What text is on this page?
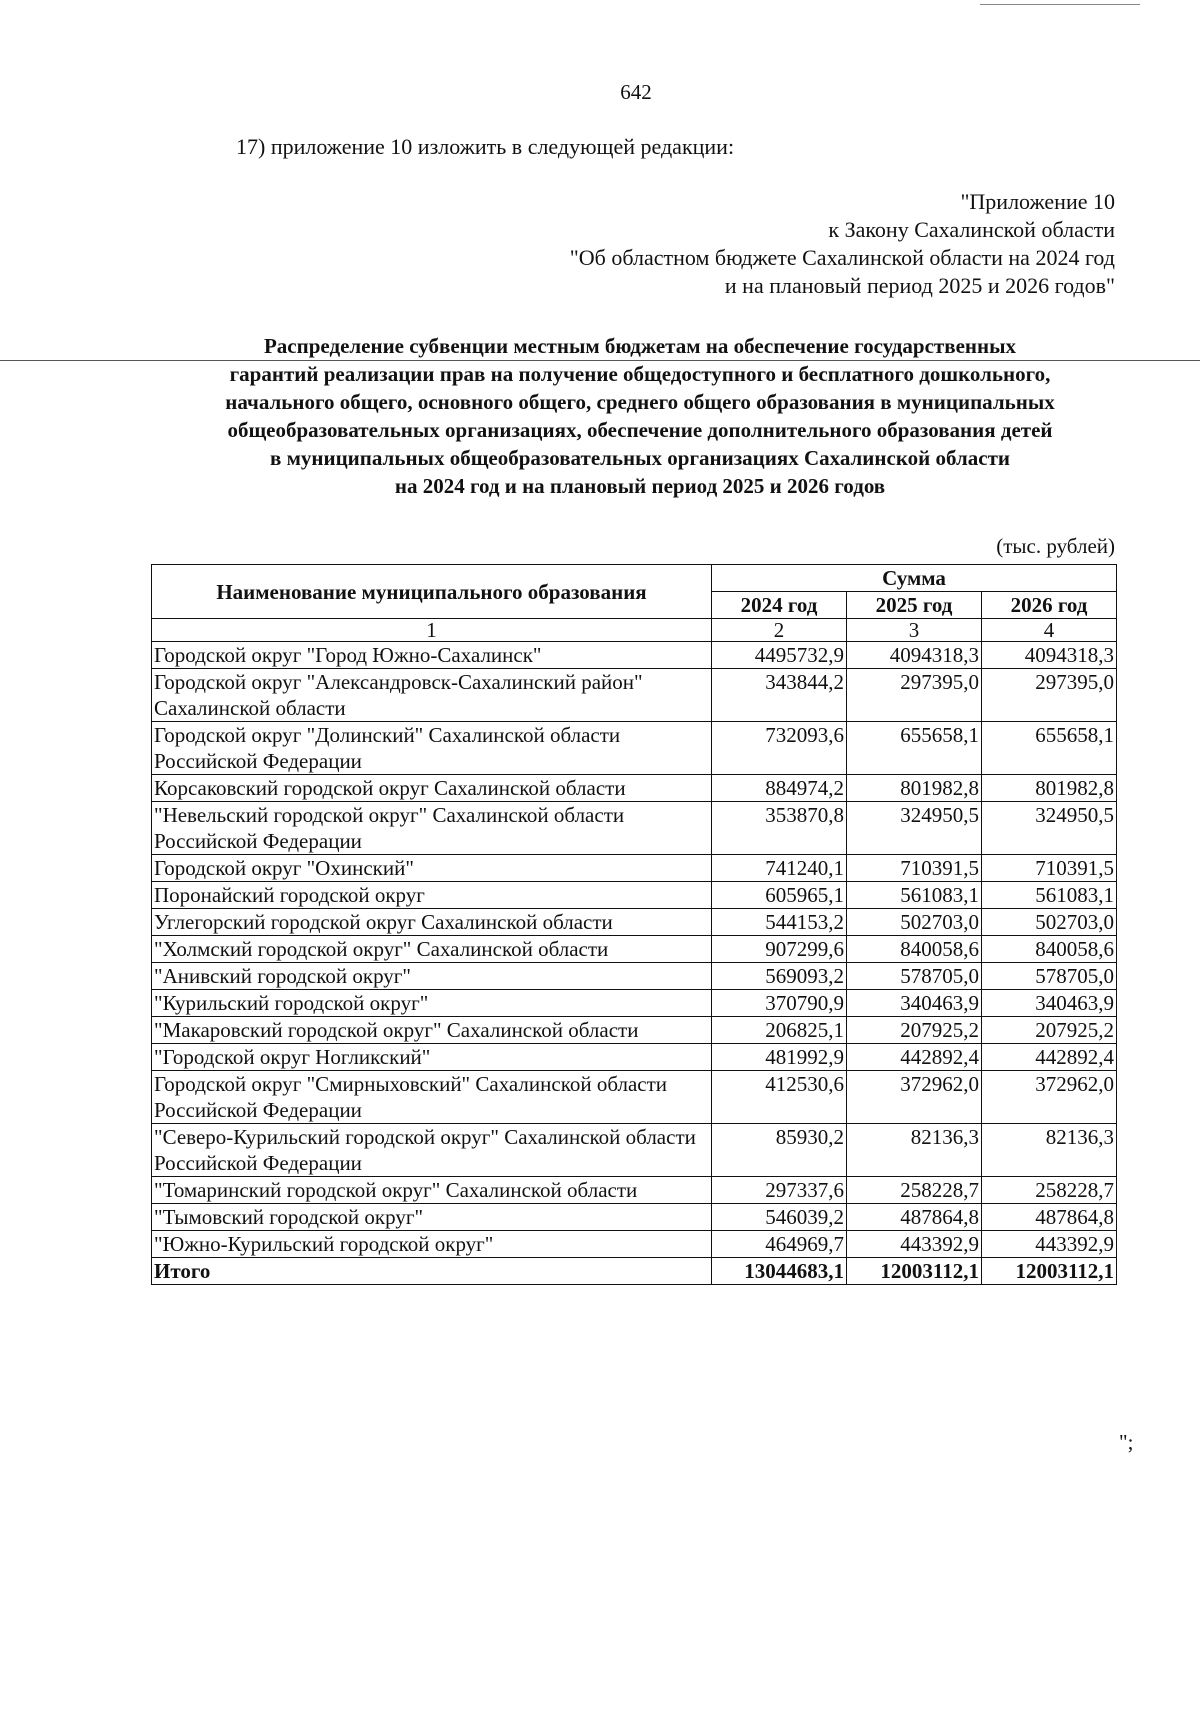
642
17) приложение 10 изложить в следующей редакции:
"Приложение 10
к Закону Сахалинской области
"Об областном бюджете Сахалинской области на 2024 год
и на плановый период 2025 и 2026 годов"
Распределение субвенции местным бюджетам на обеспечение государственных
гарантий реализации прав на получение общедоступного и бесплатного дошкольного,
начального общего, основного общего, среднего общего образования в муниципальных
общеобразовательных организациях, обеспечение дополнительного образования детей
в муниципальных общеобразовательных организациях Сахалинской области
на 2024 год и на плановый период 2025 и 2026 годов
(тыс. рублей)
Наименование муниципального образования	Сумма		
	2024 год	2025 год	2026 год
1	2	3	4
Городской округ "Город Южно-Сахалинск"	4495732,9	4094318,3	4094318,3
Городской округ "Александровск-Сахалинский район" Сахалинской области	343844,2	297395,0	297395,0
Городской округ "Долинский" Сахалинской области Российской Федерации	732093,6	655658,1	655658,1
Корсаковский городской округ Сахалинской области	884974,2	801982,8	801982,8
"Невельский городской округ" Сахалинской области Российской Федерации	353870,8	324950,5	324950,5
Городской округ "Охинский"	741240,1	710391,5	710391,5
Поронайский городской округ	605965,1	561083,1	561083,1
Углегорский городской округ Сахалинской области	544153,2	502703,0	502703,0
"Холмский городской округ" Сахалинской области	907299,6	840058,6	840058,6
"Анивский городской округ"	569093,2	578705,0	578705,0
"Курильский городской округ"	370790,9	340463,9	340463,9
"Макаровский городской округ" Сахалинской области	206825,1	207925,2	207925,2
"Городской округ Ногликский"	481992,9	442892,4	442892,4
Городской округ "Смирныховский" Сахалинской области Российской Федерации	412530,6	372962,0	372962,0
"Северо-Курильский городской округ" Сахалинской области Российской Федерации	85930,2	82136,3	82136,3
"Томаринский городской округ" Сахалинской области	297337,6	258228,7	258228,7
"Тымовский городской округ"	546039,2	487864,8	487864,8
"Южно-Курильский городской округ"	464969,7	443392,9	443392,9
Итого	13044683,1	12003112,1	12003112,1
";
